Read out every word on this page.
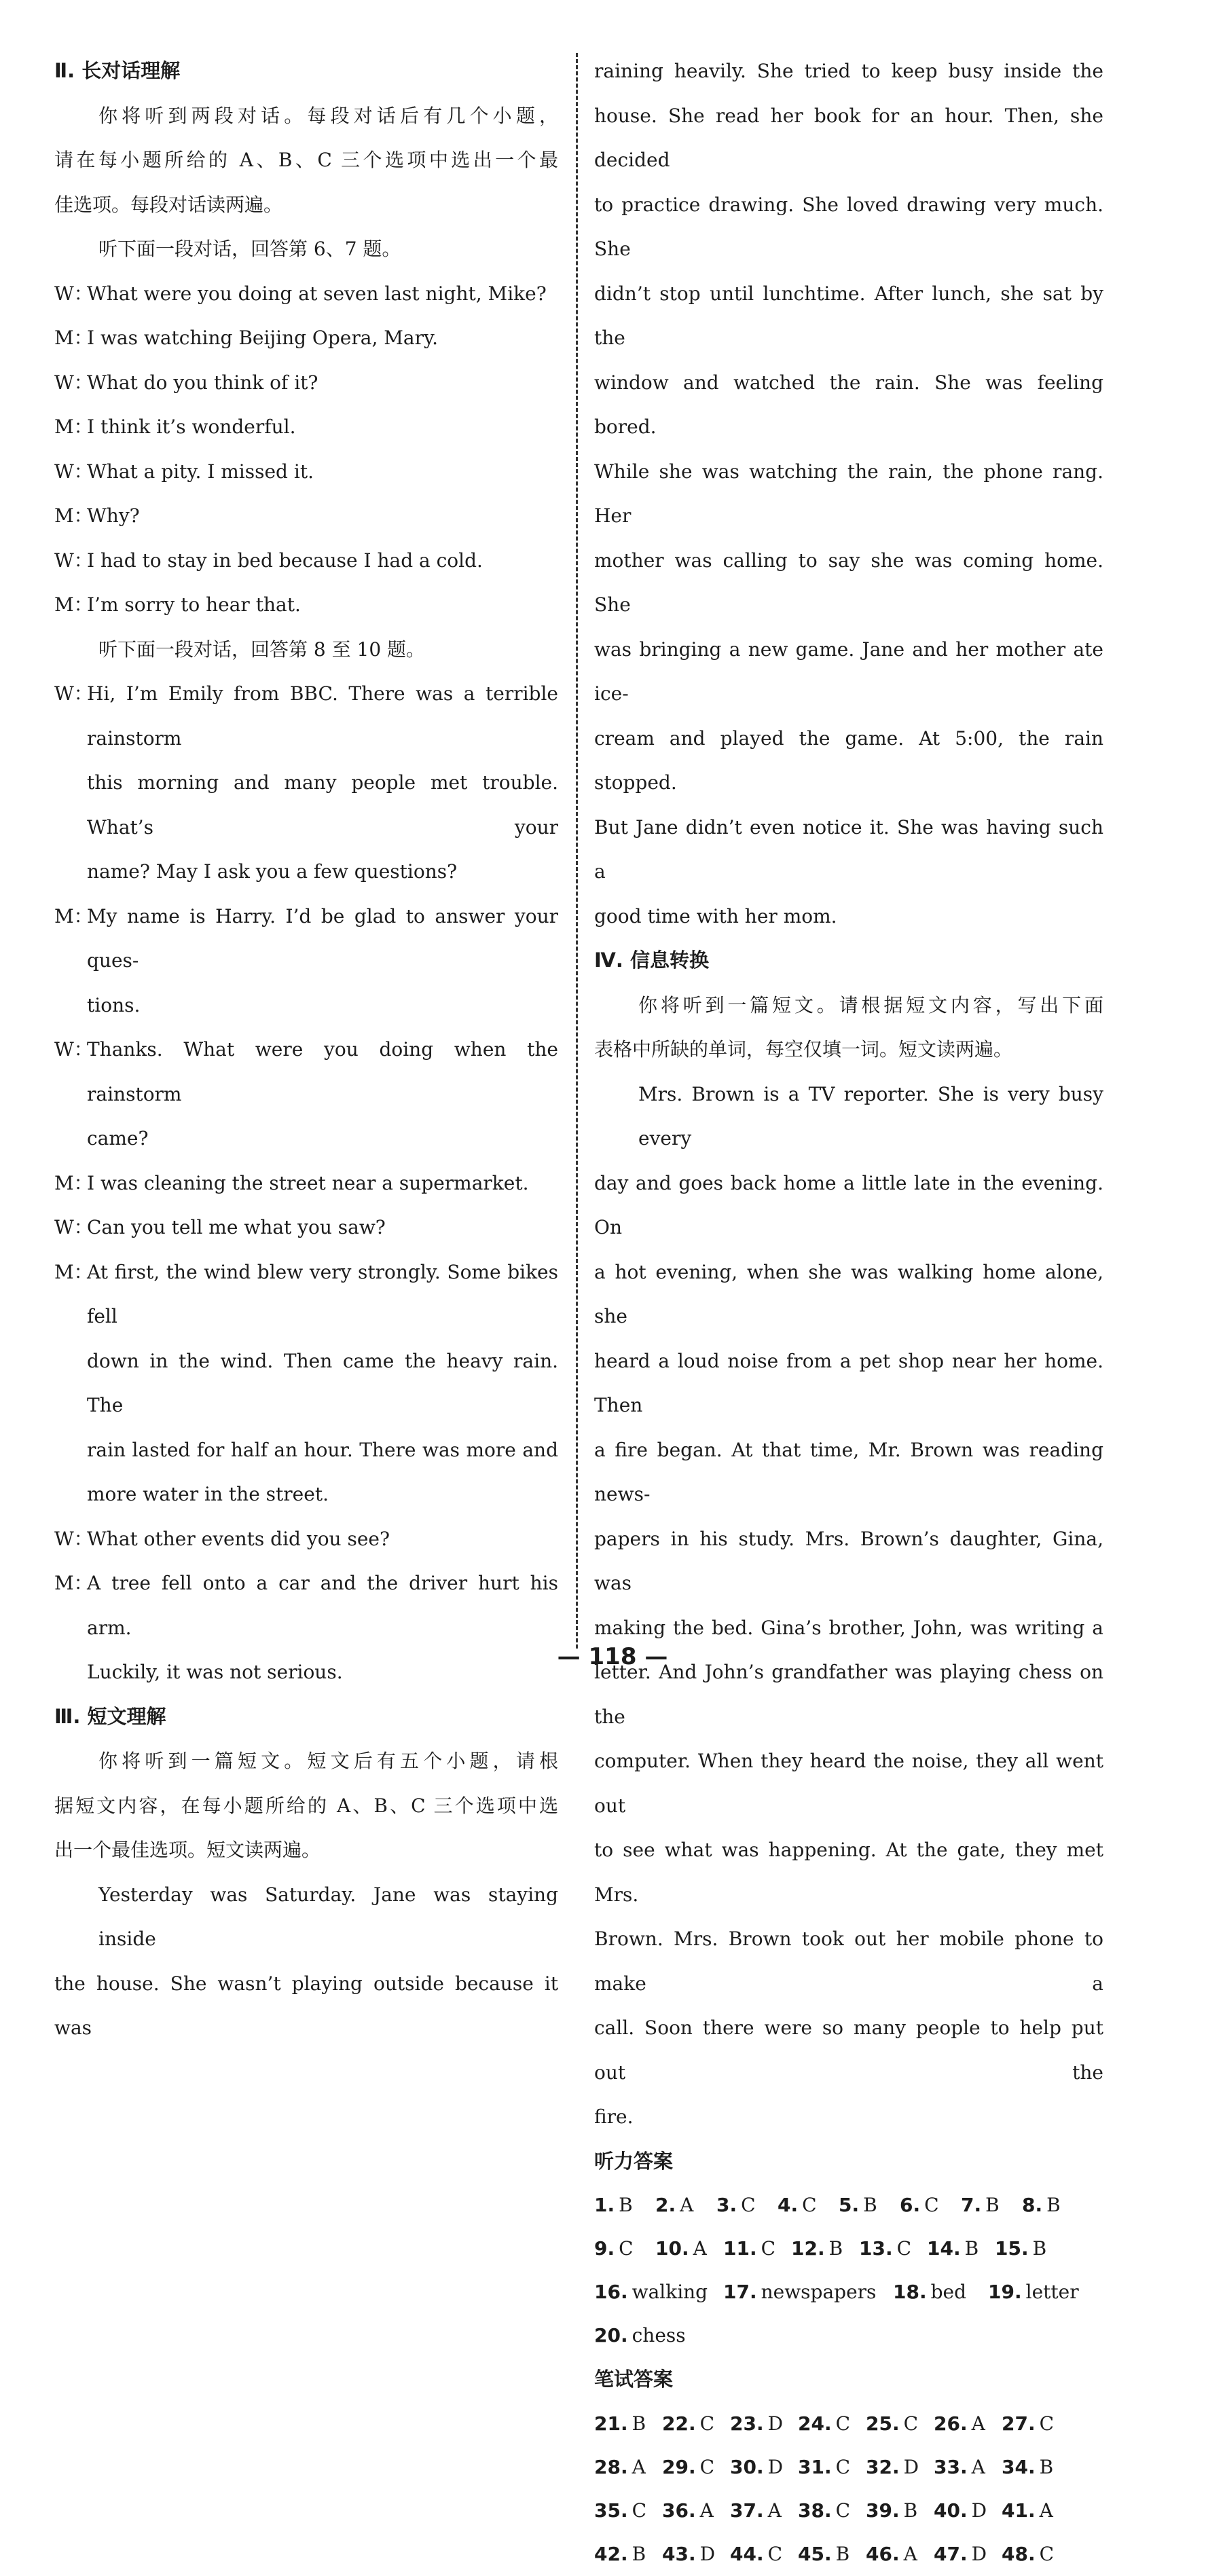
Ⅱ. 长对话理解
你将听到两段对话。每段对话后有几个小题，
请在每小题所给的 A、B、C 三个选项中选出一个最
佳选项。每段对话读两遍。
听下面一段对话，回答第 6、7 题。
W：
What were you doing at seven last night, Mike?
M：
I was watching Beijing Opera, Mary.
W：
What do you think of it?
M：
I think it’s wonderful.
W：
What a pity. I missed it.
M：
Why?
W：
I had to stay in bed because I had a cold.
M：
I’m sorry to hear that.
听下面一段对话，回答第 8 至 10 题。
W：
Hi, I’m Emily from BBC. There was a terrible rainstorm
this morning and many people met trouble. What’s your
name? May I ask you a few questions?
M：
My name is Harry. I’d be glad to answer your ques-
tions.
W：
Thanks. What were you doing when the rainstorm
came?
M：
I was cleaning the street near a supermarket.
W：
Can you tell me what you saw?
M：
At first, the wind blew very strongly. Some bikes fell
down in the wind. Then came the heavy rain. The
rain lasted for half an hour. There was more and
more water in the street.
W：
What other events did you see?
M：
A tree fell onto a car and the driver hurt his arm.
Luckily, it was not serious.
Ⅲ. 短文理解
你将听到一篇短文。短文后有五个小题，请根
据短文内容，在每小题所给的 A、B、C 三个选项中选
出一个最佳选项。短文读两遍。
Yesterday was Saturday. Jane was staying inside
the house. She wasn’t playing outside because it was
raining heavily. She tried to keep busy inside the
house. She read her book for an hour. Then, she decided
to practice drawing. She loved drawing very much. She
didn’t stop until lunchtime. After lunch, she sat by the
window and watched the rain. She was feeling bored.
While she was watching the rain, the phone rang. Her
mother was calling to say she was coming home. She
was bringing a new game. Jane and her mother ate ice-
cream and played the game. At 5:00, the rain stopped.
But Jane didn’t even notice it. She was having such a
good time with her mom.
Ⅳ. 信息转换
你将听到一篇短文。请根据短文内容，写出下面
表格中所缺的单词，每空仅填一词。短文读两遍。
Mrs. Brown is a TV reporter. She is very busy every
day and goes back home a little late in the evening. On
a hot evening, when she was walking home alone, she
heard a loud noise from a pet shop near her home. Then
a fire began. At that time, Mr. Brown was reading news-
papers in his study. Mrs. Brown’s daughter, Gina, was
making the bed. Gina’s brother, John, was writing a
letter. And John’s grandfather was playing chess on the
computer. When they heard the noise, they all went out
to see what was happening. At the gate, they met Mrs.
Brown. Mrs. Brown took out her mobile phone to make a
call. Soon there were so many people to help put out the
fire.
听力答案
1. B	2. A	3. C	4. C	5. B	6. C	7. B	8. B
9. C	10. A 11. C 12. B 13. C 14. B 15. B
16. walking 17. newspapers 18. bed	19. letter
20. chess
笔试答案
21. B 22. C 23. D 24. C 25. C 26. A 27. C
28. A 29. C 30. D 31. C 32. D 33. A 34. B
35. C 36. A 37. A 38. C 39. B 40. D 41. A
42. B 43. D 44. C 45. B 46. A 47. D 48. C
— 118 —
